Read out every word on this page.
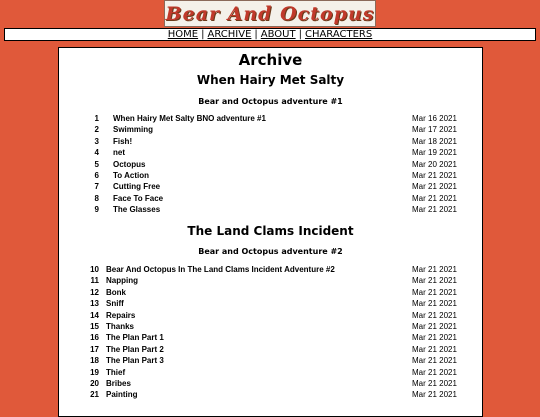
Bear And Octopus
HOME | ARCHIVE | ABOUT | CHARACTERS
Archive
When Hairy Met Salty
Bear and Octopus adventure #1
1 When Hairy Met Salty BNO adventure #1	Mar 16 2021
2 Swimming	Mar 17 2021
3 Fish!	Mar 18 2021
4 net	Mar 19 2021
5 Octopus	Mar 20 2021
6 To Action	Mar 21 2021
7 Cutting Free	Mar 21 2021
8 Face To Face	Mar 21 2021
9 The Glasses	Mar 21 2021
The Land Clams Incident
Bear and Octopus adventure #2
10 Bear And Octopus In The Land Clams Incident Adventure #2	Mar 21 2021
11 Napping	Mar 21 2021
12 Bonk	Mar 21 2021
13 Sniff	Mar 21 2021
14 Repairs	Mar 21 2021
15 Thanks	Mar 21 2021
16 The Plan Part 1	Mar 21 2021
17 The Plan Part 2	Mar 21 2021
18 The Plan Part 3	Mar 21 2021
19 Thief	Mar 21 2021
20 Bribes	Mar 21 2021
21 Painting	Mar 21 2021
